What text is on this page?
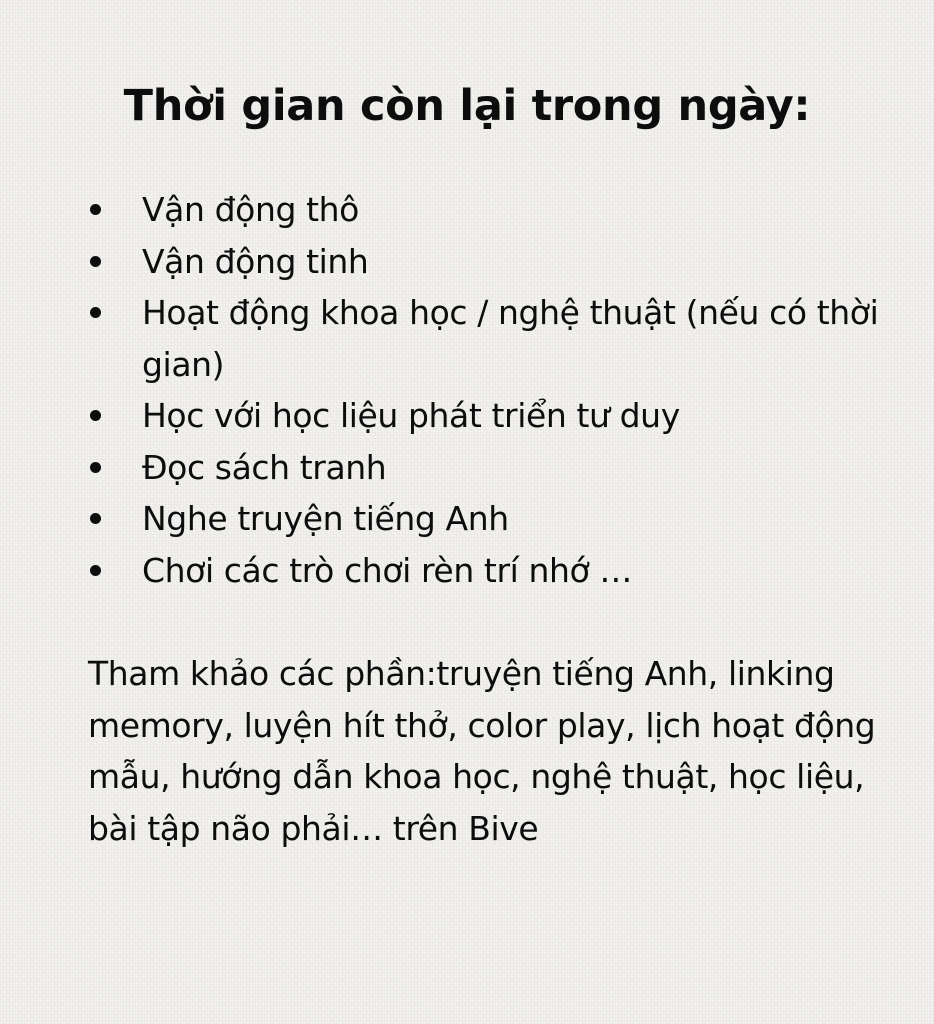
Thời gian còn lại trong ngày:
Vận động thô
Vận động tinh
Hoạt động khoa học / nghệ thuật (nếu có thời gian)
Học với học liệu phát triển tư duy
Đọc sách tranh
Nghe truyện tiếng Anh
Chơi các trò chơi rèn trí nhớ …

Tham khảo các phần:truyện tiếng Anh, linking memory, luyện hít thở, color play, lịch hoạt động mẫu, hướng dẫn khoa học, nghệ thuật, học liệu, bài tập não phải… trên Bive
